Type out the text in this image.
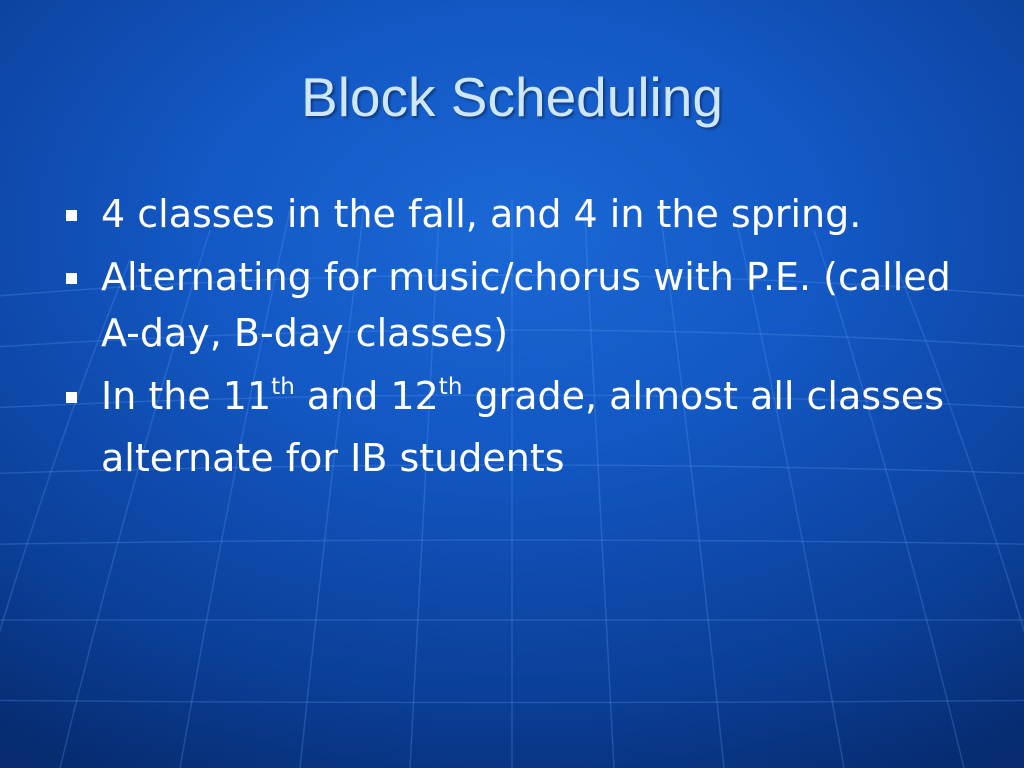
Block Scheduling
4 classes in the fall, and 4 in the spring.
Alternating for music/chorus with P.E. (called A-day, B-day classes)
In the 11th and 12th grade, almost all classes alternate for IB students
